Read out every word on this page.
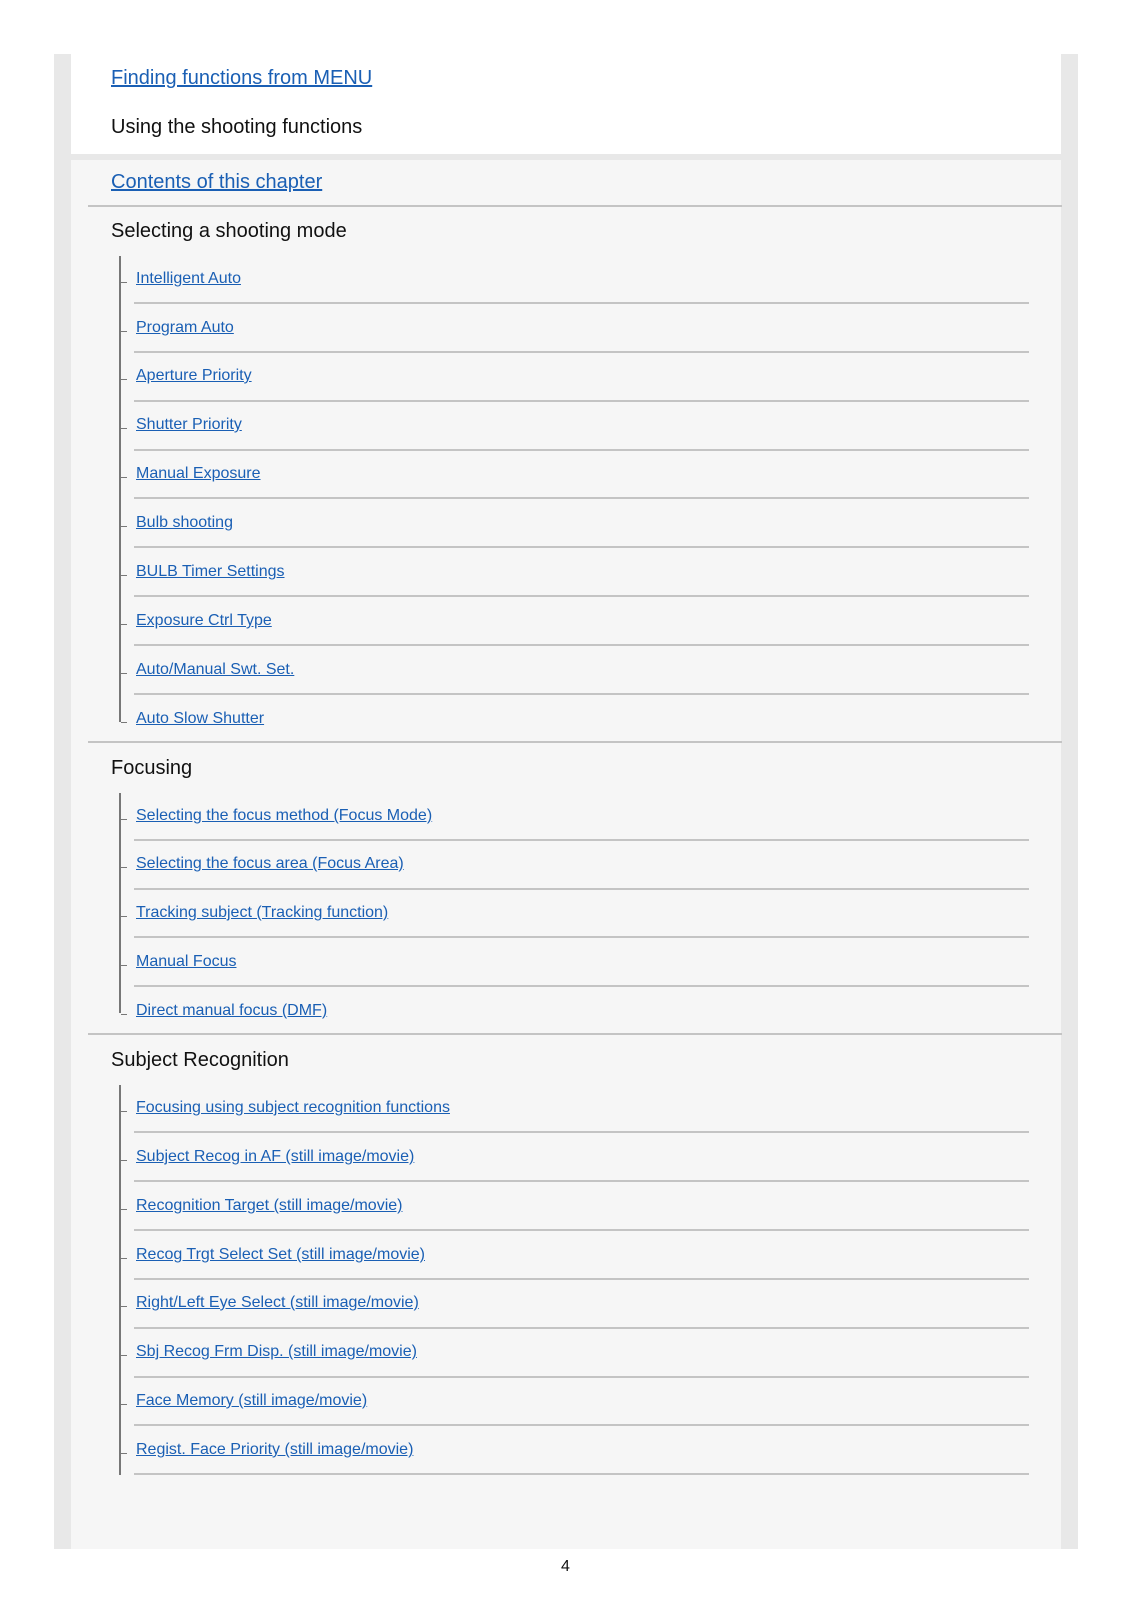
Finding functions from MENU
Using the shooting functions
Contents of this chapter
Selecting a shooting mode
Intelligent Auto
Program Auto
Aperture Priority
Shutter Priority
Manual Exposure
Bulb shooting
BULB Timer Settings
Exposure Ctrl Type
Auto/Manual Swt. Set.
Auto Slow Shutter
Focusing
Selecting the focus method (Focus Mode)
Selecting the focus area (Focus Area)
Tracking subject (Tracking function)
Manual Focus
Direct manual focus (DMF)
Subject Recognition
Focusing using subject recognition functions
Subject Recog in AF (still image/movie)
Recognition Target (still image/movie)
Recog Trgt Select Set (still image/movie)
Right/Left Eye Select (still image/movie)
Sbj Recog Frm Disp. (still image/movie)
Face Memory (still image/movie)
Regist. Face Priority (still image/movie)
4
